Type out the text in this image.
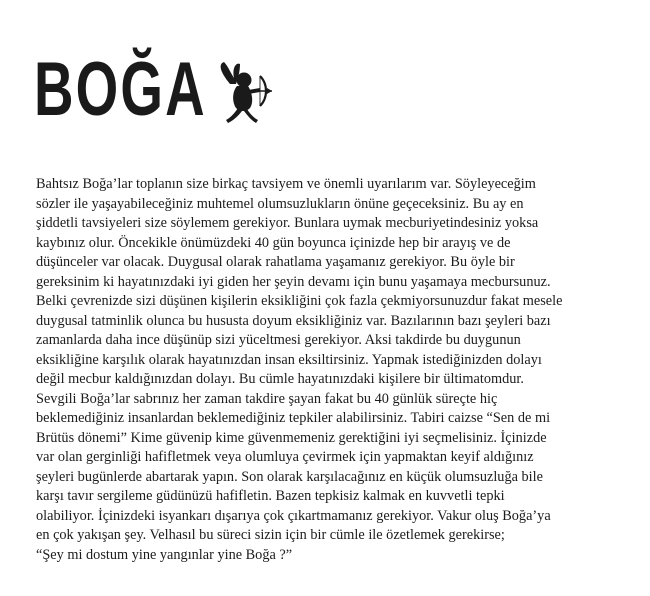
BOĞA
Bahtsız Boğa’lar toplanın size birkaç tavsiyem ve önemli uyarılarım var. Söyleyeceğim
sözler ile yaşayabileceğiniz muhtemel olumsuzlukların önüne geçeceksiniz. Bu ay en
şiddetli tavsiyeleri size söylemem gerekiyor. Bunlara uymak mecburiyetindesiniz yoksa
kaybınız olur. Öncekikle önümüzdeki 40 gün boyunca içinizde hep bir arayış ve de
düşünceler var olacak. Duygusal olarak rahatlama yaşamanız gerekiyor. Bu öyle bir
gereksinim ki hayatınızdaki iyi giden her şeyin devamı için bunu yaşamaya mecbursunuz.
Belki çevrenizde sizi düşünen kişilerin eksikliğini çok fazla çekmiyorsunuzdur fakat mesele
duygusal tatminlik olunca bu hususta doyum eksikliğiniz var. Bazılarının bazı şeyleri bazı
zamanlarda daha ince düşünüp sizi yüceltmesi gerekiyor. Aksi takdirde bu duygunun
eksikliğine karşılık olarak hayatınızdan insan eksiltirsiniz. Yapmak istediğinizden dolayı
değil mecbur kaldığınızdan dolayı. Bu cümle hayatınızdaki kişilere bir ültimatomdur.
Sevgili Boğa’lar sabrınız her zaman takdire şayan fakat bu 40 günlük süreçte hiç
beklemediğiniz insanlardan beklemediğiniz tepkiler alabilirsiniz. Tabiri caizse “Sen de mi
Brütüs dönemi” Kime güvenip kime güvenmemeniz gerektiğini iyi seçmelisiniz. İçinizde
var olan gerginliği hafifletmek veya olumluya çevirmek için yapmaktan keyif aldığınız
şeyleri bugünlerde abartarak yapın. Son olarak karşılacağınız en küçük olumsuzluğa bile
karşı tavır sergileme güdünüzü hafifletin. Bazen tepkisiz kalmak en kuvvetli tepki
olabiliyor. İçinizdeki isyankarı dışarıya çok çıkartmamanız gerekiyor. Vakur oluş Boğa’ya
en çok yakışan şey. Velhasıl bu süreci sizin için bir cümle ile özetlemek gerekirse;
“Şey mi dostum yine yangınlar yine Boğa ?”
